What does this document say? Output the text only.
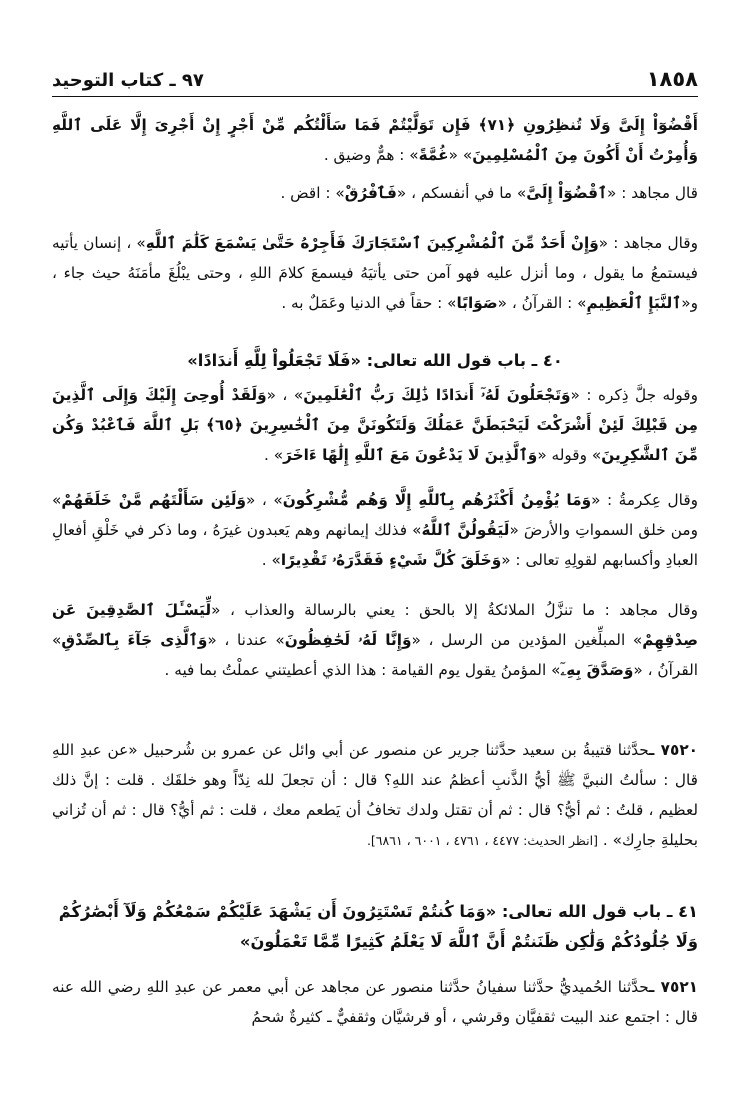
١٨٥٨
٩٧ ـ كتاب التوحيد

أَقْضُوٓاْ إِلَىَّ وَلَا تُنظِرُونِ ﴿٧١﴾ فَإِن تَوَلَّيْتُمْ فَمَا سَأَلْتُكُم مِّنْ أَجْرٍ إِنْ أَجْرِىَ إِلَّا عَلَى ٱللَّهِ وَأُمِرْتُ أَنْ أَكُونَ مِنَ ٱلْمُسْلِمِينَ» «غُمَّةً» : همٌّ وضيق .

قال مجاهد : «ٱقْضُوٓاْ إِلَىَّ» ما في أنفسكم ، «فَٱفْرُقْ» : اقض .

وقال مجاهد : «وَإِنْ أَحَدٌ مِّنَ ٱلْمُشْرِكِينَ ٱسْتَجَارَكَ فَأَجِرْهُ حَتَّىٰ يَسْمَعَ كَلَٰمَ ٱللَّهِ» ، إنسان يأتيه فيستمعُ ما يقول ، وما أنزل عليه فهو آمن حتى يأتيَهُ فيسمعَ كلامَ اللهِ ، وحتى يبْلُغَ مأمَنَهُ حيث جاء ، و«ٱلنَّبَإِ ٱلْعَظِيمِ» : القرآنُ ، «صَوَابًا» : حقاً في الدنيا وعَمَلٌ به .

٤٠ ـ باب قول الله تعالى: «فَلَا تَجْعَلُواْ لِلَّهِ أَندَادًا»

وقوله جلَّ ذِكره : «وَتَجْعَلُونَ لَهُۥٓ أَندَادًا ذَٰلِكَ رَبُّ ٱلْعَٰلَمِينَ» ، «وَلَقَدْ أُوحِىَ إِلَيْكَ وَإِلَى ٱلَّذِينَ مِن قَبْلِكَ لَئِنْ أَشْرَكْتَ لَيَحْبَطَنَّ عَمَلُكَ وَلَتَكُونَنَّ مِنَ ٱلْخَٰسِرِينَ ﴿٦٥﴾ بَلِ ٱللَّهَ فَٱعْبُدْ وَكُن مِّنَ ٱلشَّٰكِرِينَ» وقوله «وَٱلَّذِينَ لَا يَدْعُونَ مَعَ ٱللَّهِ إِلَٰهًا ءَاخَرَ» .

وقال عِكرمةُ : «وَمَا يُؤْمِنُ أَكْثَرُهُم بِٱللَّهِ إِلَّا وَهُم مُّشْرِكُونَ» ، «وَلَئِن سَأَلْتَهُم مَّنْ خَلَقَهُمْ» ومن خلق السمواتِ والأرضَ «لَيَقُولُنَّ ٱللَّهُ» فذلك إيمانهم وهم يَعبدون غيرَهُ ، وما ذكر في خَلْقِ أفعالِ العبادِ وأكسابهم لقولِهِ تعالى : «وَخَلَقَ كُلَّ شَيْءٍ فَقَدَّرَهُۥ تَقْدِيرًا» .

وقال مجاهد : ما تنزَّلُ الملائكةُ إلا بالحق : يعني بالرسالة والعذاب ، «لِّيَسْـَٔلَ ٱلصَّٰدِقِينَ عَن صِدْقِهِمْ» المبلِّغين المؤدين من الرسل ، «وَإِنَّا لَهُۥ لَحَٰفِظُونَ» عندنا ، «وَٱلَّذِى جَآءَ بِٱلصِّدْقِ» القرآنُ ، «وَصَدَّقَ بِهِۦٓ» المؤمنُ يقول يوم القيامة : هذا الذي أعطيتني عملْتُ بما فيه .

٧٥٢٠ ـحدَّثنا قتيبةُ بن سعيد حدَّثنا جرير عن منصور عن أبي وائل عن عمرو بن شُرحبيل «عن عبدِ اللهِ قال : سألتُ النبيَّ ﷺ أيُّ الذَّنبِ أعظمُ عند اللهِ؟ قال : أن تجعلَ لله نِدّاً وهو خلقَك . قلت : إنَّ ذلك لعظيم ، قلتُ : ثم أيُّ؟ قال : ثم أن تقتل ولدك تخافُ أن يَطعم معك ، قلت : ثم أيُّ؟ قال : ثم أن تُزاني بحليلةِ جارِك» . [انظر الحديث: ٤٤٧٧ ، ٤٧٦١ ، ٦٠٠١ ، ٦٨٦١].

٤١ ـ باب قول الله تعالى: «وَمَا كُنتُمْ تَسْتَتِرُونَ أَن يَشْهَدَ عَلَيْكُمْ سَمْعُكُمْ وَلَآ أَبْصَٰرُكُمْ وَلَا جُلُودُكُمْ وَلَٰكِن ظَنَنتُمْ أَنَّ ٱللَّهَ لَا يَعْلَمُ كَثِيرًا مِّمَّا تَعْمَلُونَ»

٧٥٢١ ـحدَّثنا الحُميديُّ حدَّثنا سفيانُ حدَّثنا منصور عن مجاهد عن أبي معمر عن عبدِ اللهِ رضي الله عنه قال : اجتمع عند البيت ثقفيَّان وقرشي ، أو قرشيَّان وثقفيٌّ ـ كثيرةٌ شحمُ
